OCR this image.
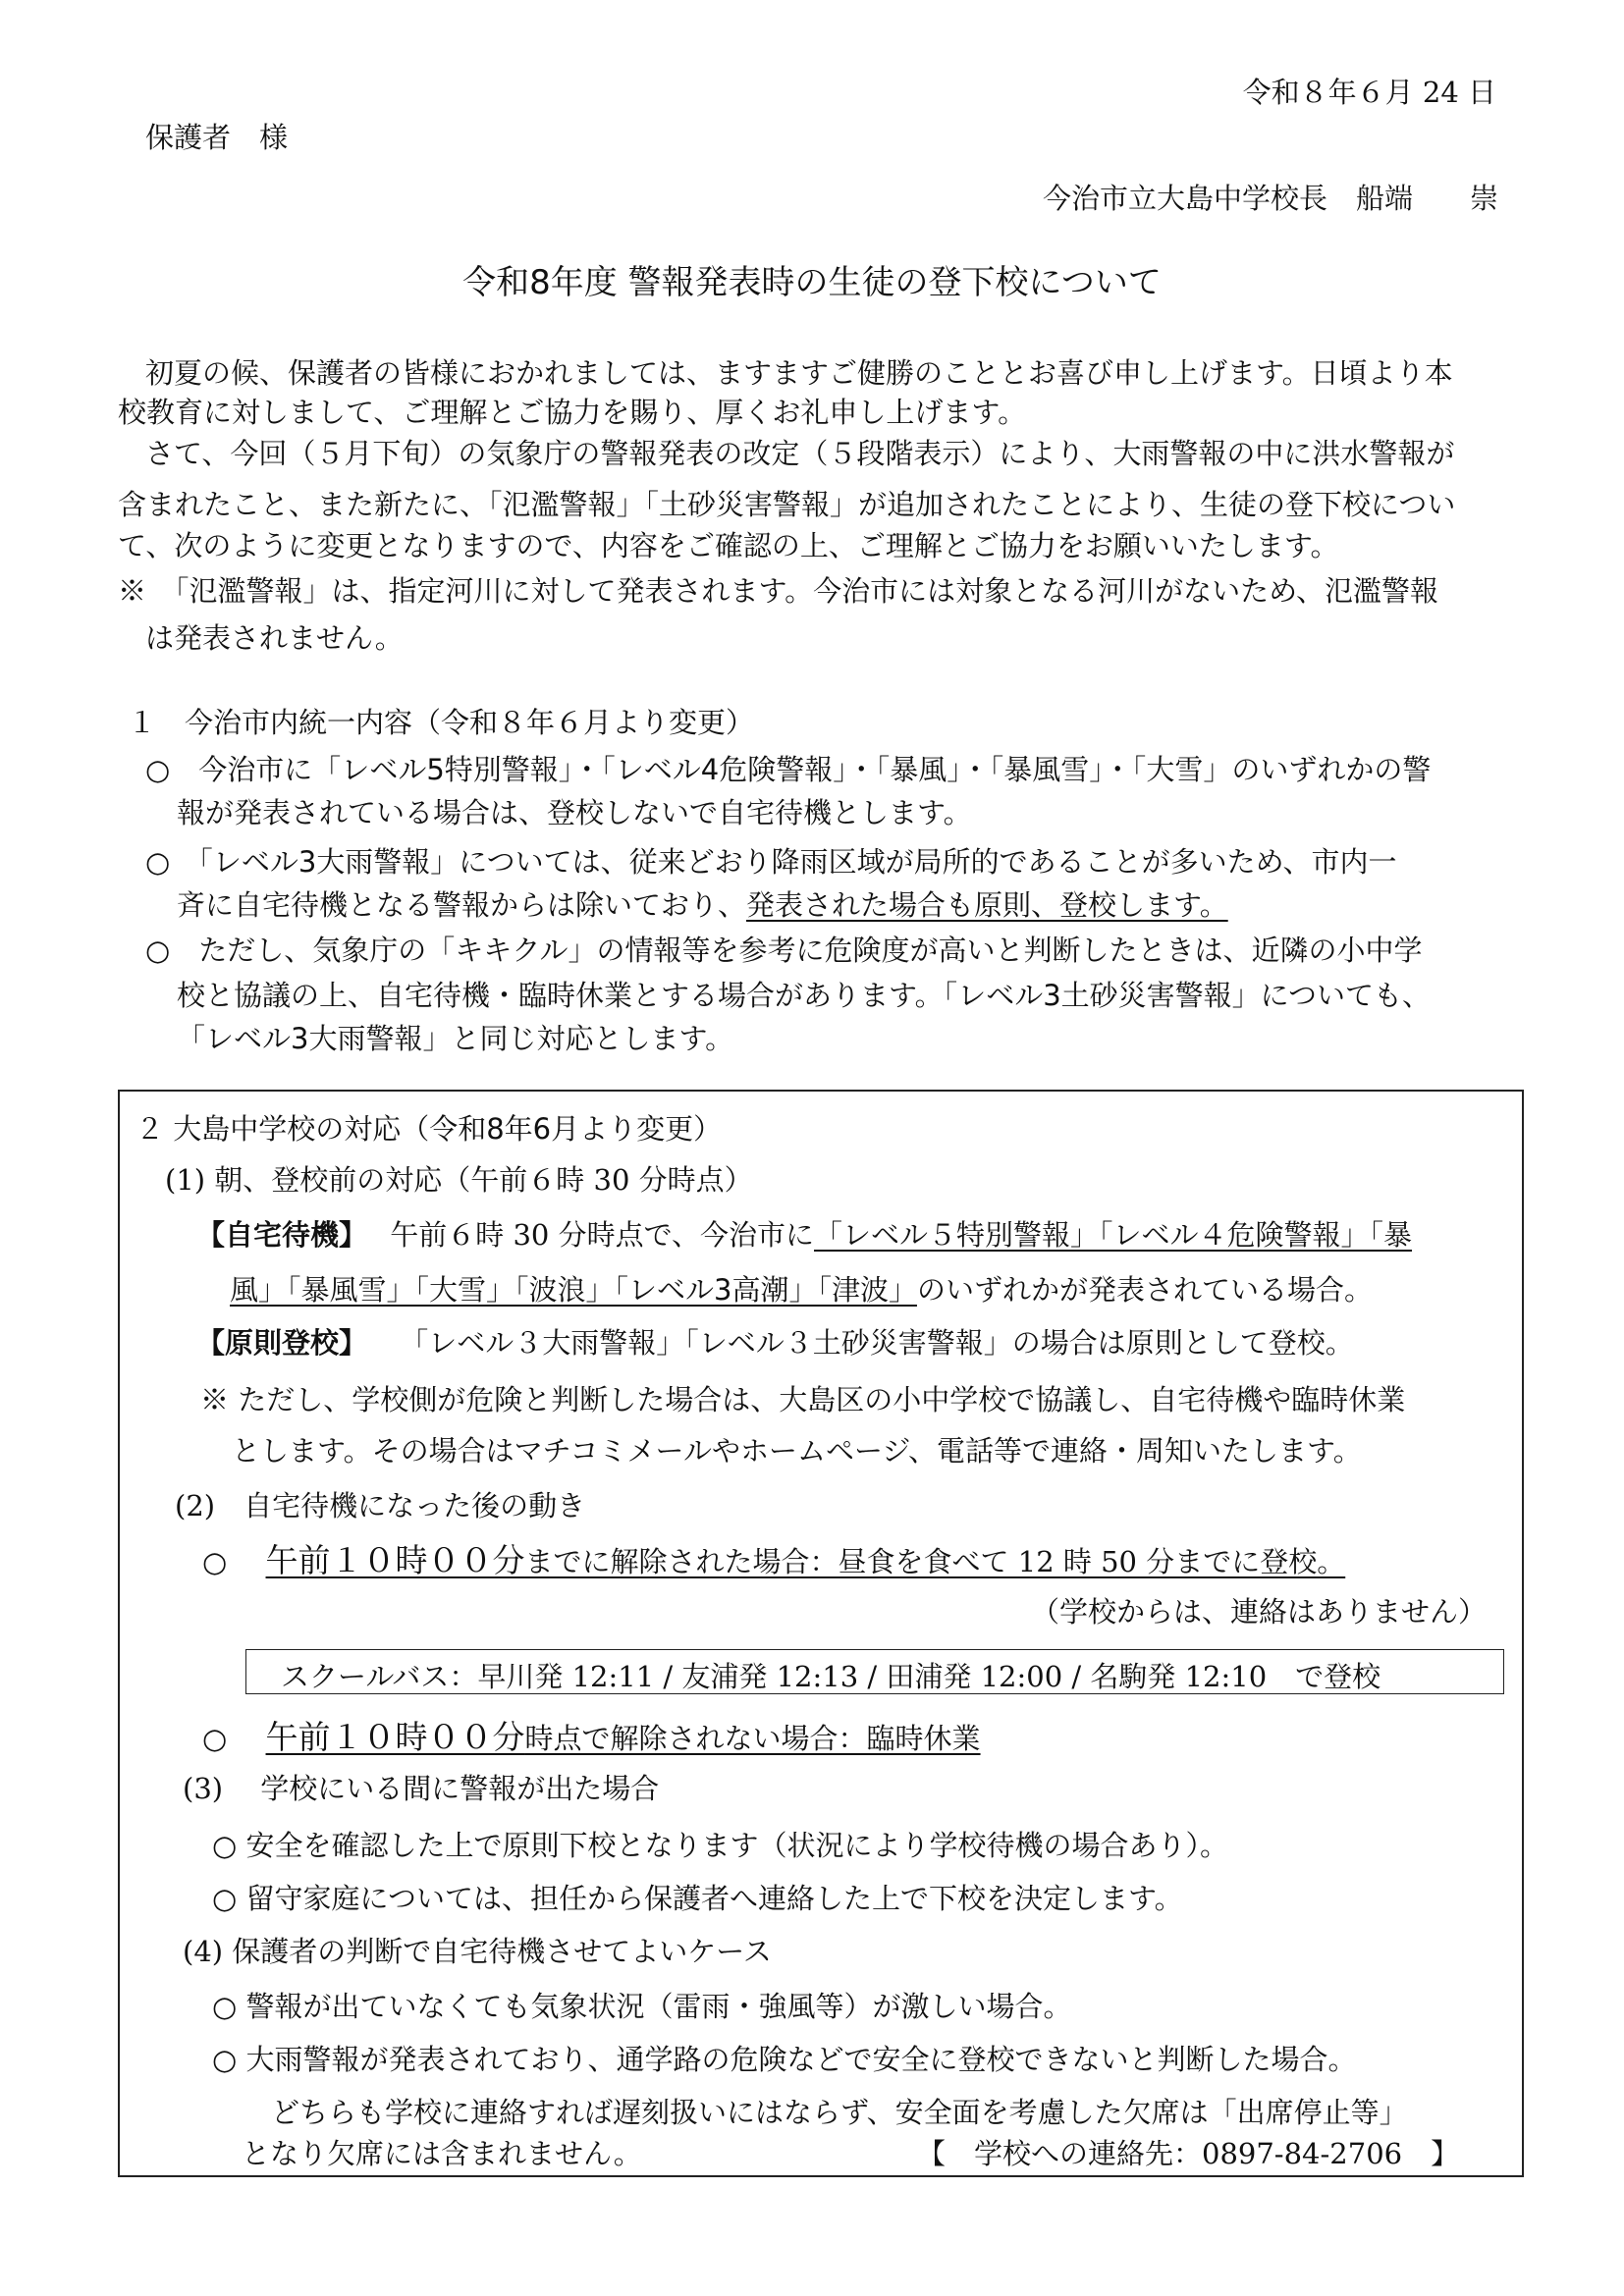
令和８年６月 24 日
保護者　様
今治市立大島中学校長　船端　　崇
令和8年度 警報発表時の生徒の登下校について
初夏の候、保護者の皆様におかれましては、ますますご健勝のこととお喜び申し上げます。日頃より本
校教育に対しまして、ご理解とご協力を賜り、厚くお礼申し上げます。
さて、今回（５月下旬）の気象庁の警報発表の改定（５段階表示）により、大雨警報の中に洪水警報が
含まれたこと、また新たに、「氾濫警報」「土砂災害警報」が追加されたことにより、生徒の登下校につい
て、次のように変更となりますので、内容をご確認の上、ご理解とご協力をお願いいたします。
※　「氾濫警報」は、指定河川に対して発表されます。今治市には対象となる河川がないため、氾濫警報
は発表されません。
１　今治市内統一内容（令和８年６月より変更）
○　今治市に「レベル5特別警報」・「レベル4危険警報」・「暴風」・「暴風雪」・「大雪」のいずれかの警
報が発表されている場合は、登校しないで自宅待機とします。
○　「レベル3大雨警報」については、従来どおり降雨区域が局所的であることが多いため、市内一
斉に自宅待機となる警報からは除いており、発表された場合も原則、登校します。
○　ただし、気象庁の「キキクル」の情報等を参考に危険度が高いと判断したときは、近隣の小中学
校と協議の上、自宅待機・臨時休業とする場合があります。「レベル3土砂災害警報」についても、
「レベル3大雨警報」と同じ対応とします。
２ 大島中学校の対応（令和8年6月より変更）
(1) 朝、登校前の対応（午前６時 30 分時点）
【自宅待機】 午前６時 30 分時点で、今治市に「レベル５特別警報」「レベル４危険警報」「暴
風」「暴風雪」「大雪」「波浪」「レベル3高潮」「津波」のいずれかが発表されている場合。
【原則登校】 「レベル３大雨警報」「レベル３土砂災害警報」の場合は原則として登校。
※ ただし、学校側が危険と判断した場合は、大島区の小中学校で協議し、自宅待機や臨時休業
とします。その場合はマチコミメールやホームページ、電話等で連絡・周知いたします。
(2)　自宅待機になった後の動き
○ 午前１０時００分までに解除された場合：昼食を食べて 12 時 50 分までに登校。
（学校からは、連絡はありません）
スクールバス：早川発 12:11 / 友浦発 12:13 / 田浦発 12:00 / 名駒発 12:10　で登校
○ 午前１０時００分時点で解除されない場合：臨時休業
(3)　 学校にいる間に警報が出た場合
○ 安全を確認した上で原則下校となります（状況により学校待機の場合あり）。
○ 留守家庭については、担任から保護者へ連絡した上で下校を決定します。
(4) 保護者の判断で自宅待機させてよいケース
○ 警報が出ていなくても気象状況（雷雨・強風等）が激しい場合。
○ 大雨警報が発表されており、通学路の危険などで安全に登校できないと判断した場合。
どちらも学校に連絡すれば遅刻扱いにはならず、安全面を考慮した欠席は「出席停止等」
となり欠席には含まれません。	【　学校への連絡先：0897-84-2706　】
